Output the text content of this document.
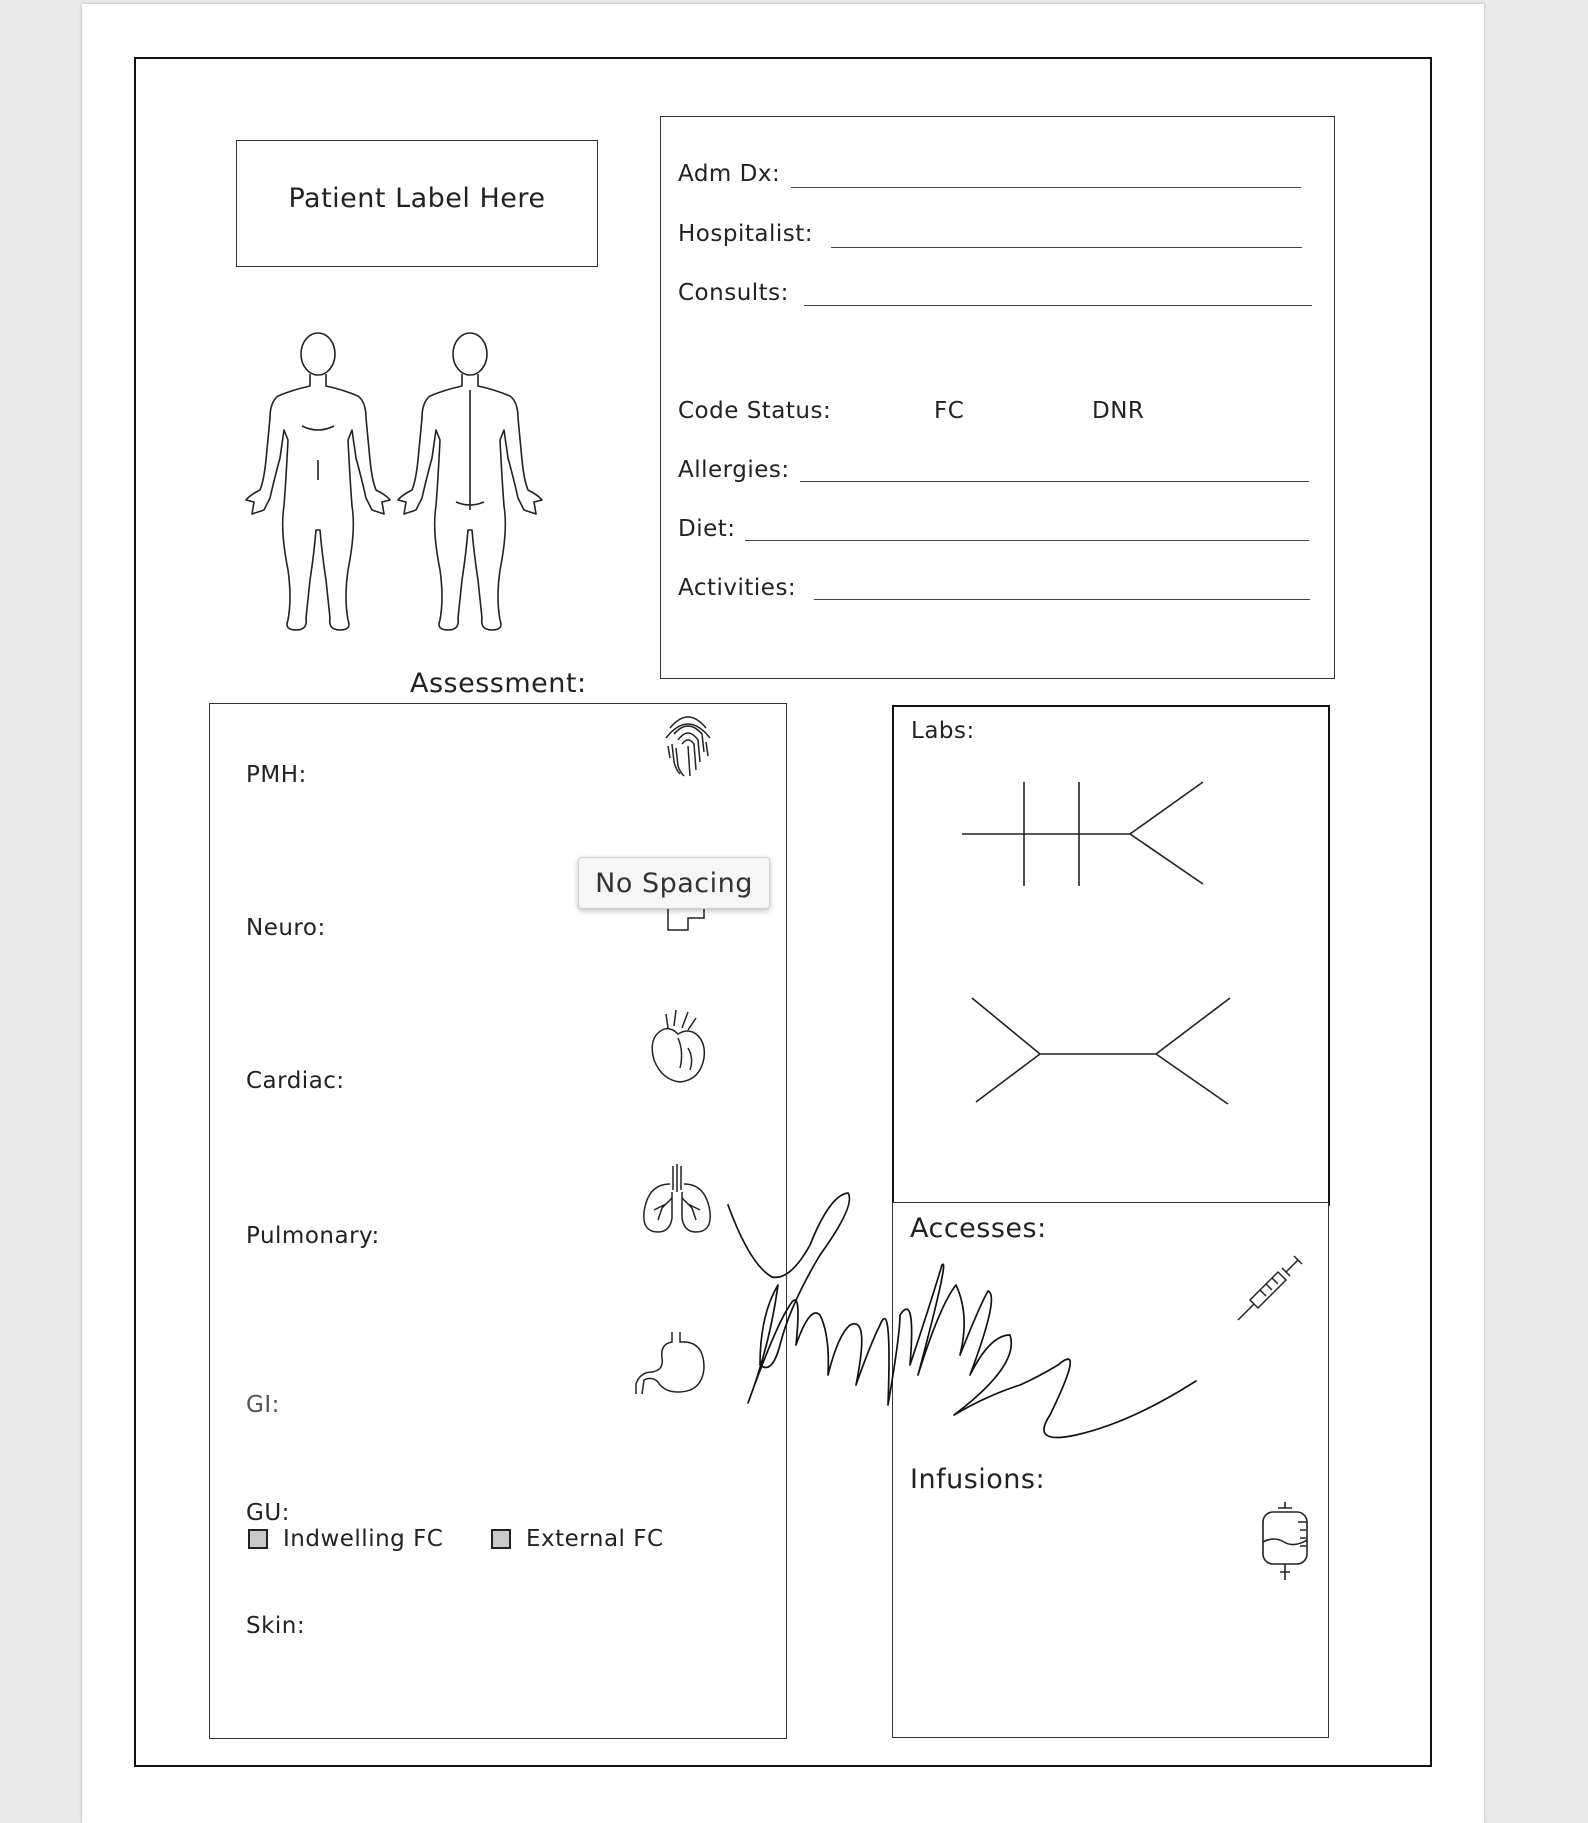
Patient Label Here
Adm Dx:
Hospitalist:
Consults:
Code Status:	FC	DNR
Allergies:
Diet:
Activities:
Assessment:
PMH:
Neuro:
Cardiac:
Pulmonary:
GI:
GU:
Indwelling FC	External FC
Skin:
Labs:
Accesses:
Infusions:
No Spacing
